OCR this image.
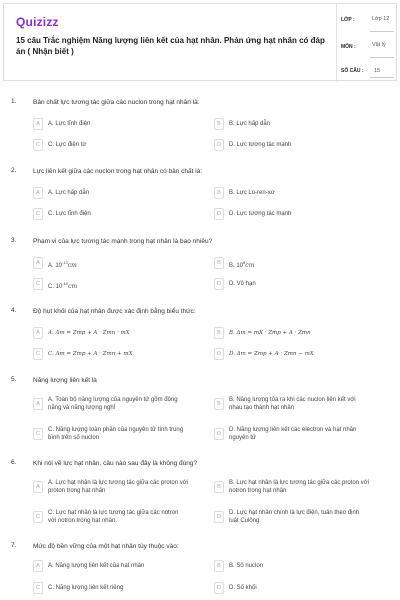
Quizizz
15 câu Trắc nghiệm Năng lượng liên kết của hạt nhân. Phản ứng hạt nhân có đáp án ( Nhận biết )
LỚP :	Lớp 12
MÔN :	Vật lý
SỐ CÂU : 15
1.	Bản chất lực tương tác giữa các nuclon trong hạt nhân là:
A	A. Lực tĩnh điện	B	B. Lực hấp dẫn
C	C. Lực điện từ	D	D. Lực tương tác mạnh
2.	Lực liên kết giữa các nuclon trong hạt nhân có bản chất là:
A	A. Lực hấp dẫn	B	B. Lực Lo-ren-xơ
C	C. Lực tĩnh điện	D	D. Lực tương tác mạnh
3.	Phạm vi của lực tương tác mạnh trong hạt nhân là bao nhiêu?
A	A. $10^{-13}cm$	B	B. $10^8cm$
C	C. $10^{-10}cm$	D	D. Vô hạn
4.	Độ hụt khối của hạt nhân được xác định bằng biểu thức:
A	A. Δm = Zmp + A · Zmn · mX	B	B. Δm = mX · Zmp + A · Zmn
C	C. Δm = Zmp + A · Zmn + mX	D	D. Δm = Zmp + A · Zmn − mX
5.	Năng lượng liên kết là
A
A. Toàn bộ năng lượng của nguyên tử gồm động năng và năng lượng nghỉ
B
B. Năng lượng tỏa ra khi các nuclon liên kết với nhau tạo thành hạt nhân
C
C. Năng lượng toàn phần của nguyên tử tính trung bình trên số nuclon
D
D. Năng lượng liên kết các electron và hạt nhân nguyên tử
6.	Khi nói về lực hạt nhân, câu nào sau đây là không đúng?
A
A. Lực hạt nhân là lực tương tác giữa các proton với proton trong hạt nhân
B
B. Lực hạt nhân là lực tương tác giữa các proton với notron trong hạt nhân
C
C. Lực hạt nhân là lực tương tác giữa các notron với notron trong hạt nhân.
D
D. Lực hạt nhân chính là lực điện, tuân theo định luật Culông
7.	Mức độ bền vững của một hạt nhân tùy thuộc vào:
A	A. Năng lượng liên kết của hạt nhân	B	B. Số nuclon
C	C. Năng lượng liên kết riêng	D	D. Số khối
